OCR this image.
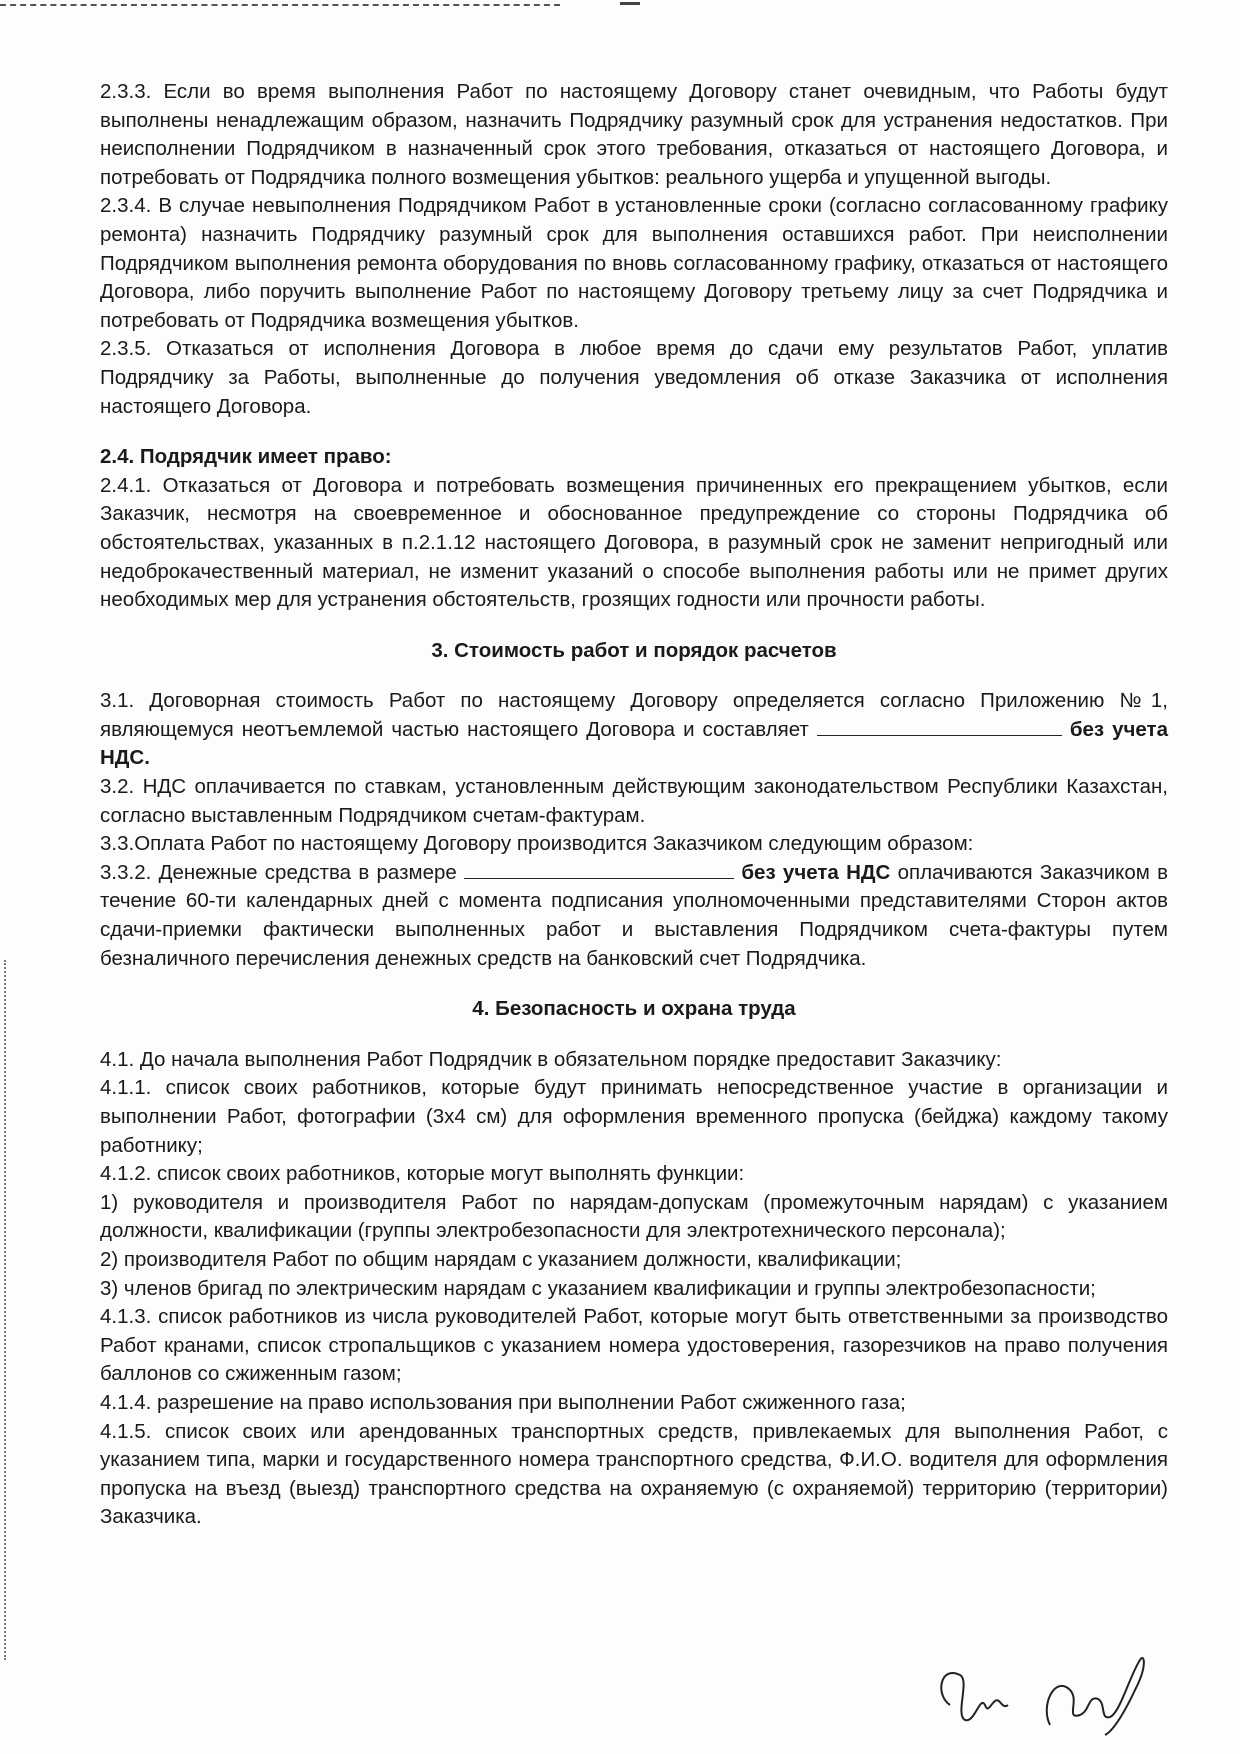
2.3.3. Если во время выполнения Работ по настоящему Договору станет очевидным, что Работы будут выполнены ненадлежащим образом, назначить Подрядчику разумный срок для устранения недостатков. При неисполнении Подрядчиком в назначенный срок этого требования, отказаться от настоящего Договора, и потребовать от Подрядчика полного возмещения убытков: реального ущерба и упущенной выгоды.

2.3.4. В случае невыполнения Подрядчиком Работ в установленные сроки (согласно согласованному графику ремонта) назначить Подрядчику разумный срок для выполнения оставшихся работ. При неисполнении Подрядчиком выполнения ремонта оборудования по вновь согласованному графику, отказаться от настоящего Договора, либо поручить выполнение Работ по настоящему Договору третьему лицу за счет Подрядчика и потребовать от Подрядчика возмещения убытков.

2.3.5. Отказаться от исполнения Договора в любое время до сдачи ему результатов Работ, уплатив Подрядчику за Работы, выполненные до получения уведомления об отказе Заказчика от исполнения настоящего Договора.

2.4. Подрядчик имеет право:

2.4.1. Отказаться от Договора и потребовать возмещения причиненных его прекращением убытков, если Заказчик, несмотря на своевременное и обоснованное предупреждение со стороны Подрядчика об обстоятельствах, указанных в п.2.1.12 настоящего Договора, в разумный срок не заменит непригодный или недоброкачественный материал, не изменит указаний о способе выполнения работы или не примет других необходимых мер для устранения обстоятельств, грозящих годности или прочности работы.

3. Стоимость работ и порядок расчетов

3.1. Договорная стоимость Работ по настоящему Договору определяется согласно Приложению №1, являющемуся неотъемлемой частью настоящего Договора и составляет	без учета НДС.

3.2. НДС оплачивается по ставкам, установленным действующим законодательством Республики Казахстан, согласно выставленным Подрядчиком счетам-фактурам.

3.3.Оплата Работ по настоящему Договору производится Заказчиком следующим образом:

3.3.2. Денежные средства в размере	без учета НДС оплачиваются Заказчиком в течение 60-ти календарных дней с момента подписания уполномоченными представителями Сторон актов сдачи-приемки фактически выполненных работ и выставления Подрядчиком счета-фактуры путем безналичного перечисления денежных средств на банковский счет Подрядчика.

4. Безопасность и охрана труда

4.1. До начала выполнения Работ Подрядчик в обязательном порядке предоставит Заказчику:

4.1.1. список своих работников, которые будут принимать непосредственное участие в организации и выполнении Работ, фотографии (3х4 см) для оформления временного пропуска (бейджа) каждому такому работнику;

4.1.2. список своих работников, которые могут выполнять функции:

1) руководителя и производителя Работ по нарядам-допускам (промежуточным нарядам) с указанием должности, квалификации (группы электробезопасности для электротехнического персонала);

2) производителя Работ по общим нарядам с указанием должности, квалификации;

3) членов бригад по электрическим нарядам с указанием квалификации и группы электробезопасности;

4.1.3. список работников из числа руководителей Работ, которые могут быть ответственными за производство Работ кранами, список стропальщиков с указанием номера удостоверения, газорезчиков на право получения баллонов со сжиженным газом;

4.1.4. разрешение на право использования при выполнении Работ сжиженного газа;

4.1.5. список своих или арендованных транспортных средств, привлекаемых для выполнения Работ, с указанием типа, марки и государственного номера транспортного средства, Ф.И.О. водителя для оформления пропуска на въезд (выезд) транспортного средства на охраняемую (с охраняемой) территорию (территории) Заказчика.
